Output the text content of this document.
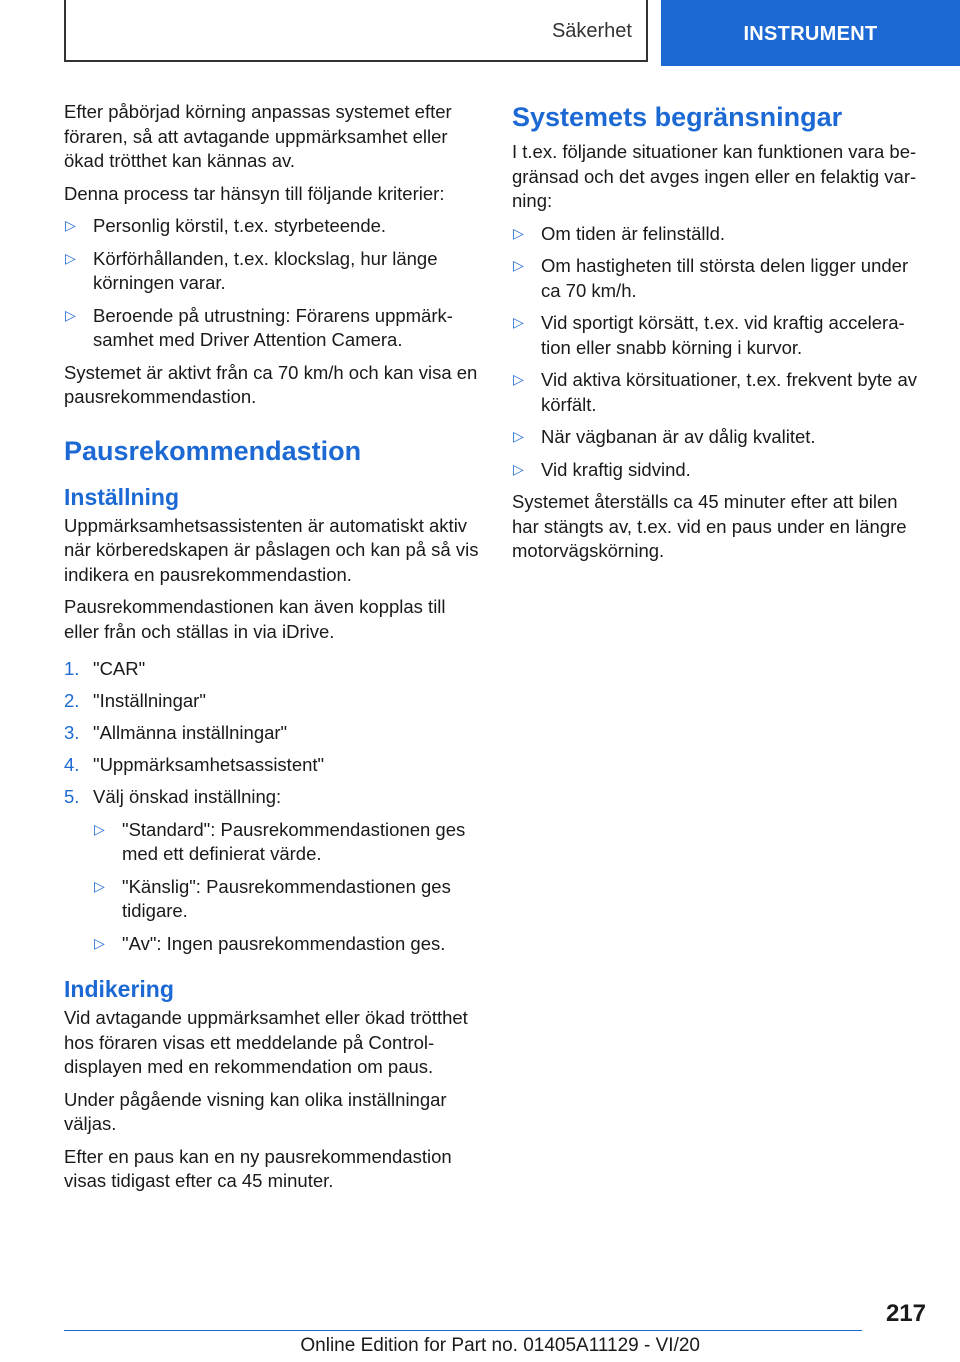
Säkerhet	INSTRUMENT

Efter påbörjad körning anpassas systemet efter föraren, så att avtagande uppmärksamhet eller ökad trötthet kan kännas av.

Denna process tar hänsyn till följande kriterier:

▷ Personlig körstil, t.ex. styrbeteende.
▷ Körförhållanden, t.ex. klockslag, hur länge körningen varar.
▷ Beroende på utrustning: Förarens uppmärksamhet med Driver Attention Camera.

Systemet är aktivt från ca 70 km/h och kan visa en pausrekommendastion.

Pausrekommendastion
Inställning

Uppmärksamhetsassistenten är automatiskt aktiv när körberedskapen är påslagen och kan på så vis indikera en pausrekommendastion.

Pausrekommendastionen kan även kopplas till eller från och ställas in via iDrive.

1. "CAR"
2. "Inställningar"
3. "Allmänna inställningar"
4. "Uppmärksamhetsassistent"
5. Välj önskad inställning:
▷ "Standard": Pausrekommendastionen ges med ett definierat värde.
▷ "Känslig": Pausrekommendastionen ges tidigare.
▷ "Av": Ingen pausrekommendastion ges.
Indikering

Vid avtagande uppmärksamhet eller ökad trötthet hos föraren visas ett meddelande på Control-displayen med en rekommendation om paus.

Under pågående visning kan olika inställningar väljas.

Efter en paus kan en ny pausrekommendastion visas tidigast efter ca 45 minuter.

Systemets begränsningar

I t.ex. följande situationer kan funktionen vara begränsad och det avges ingen eller en felaktig varning:

▷ Om tiden är felinställd.
▷ Om hastigheten till största delen ligger under ca 70 km/h.
▷ Vid sportigt körsätt, t.ex. vid kraftig acceleration eller snabb körning i kurvor.
▷ Vid aktiva körsituationer, t.ex. frekvent byte av körfält.
▷ När vägbanan är av dålig kvalitet.
▷ Vid kraftig sidvind.

Systemet återställs ca 45 minuter efter att bilen har stängts av, t.ex. vid en paus under en längre motorvägskörning.

217
Online Edition for Part no. 01405A11129 - VI/20
